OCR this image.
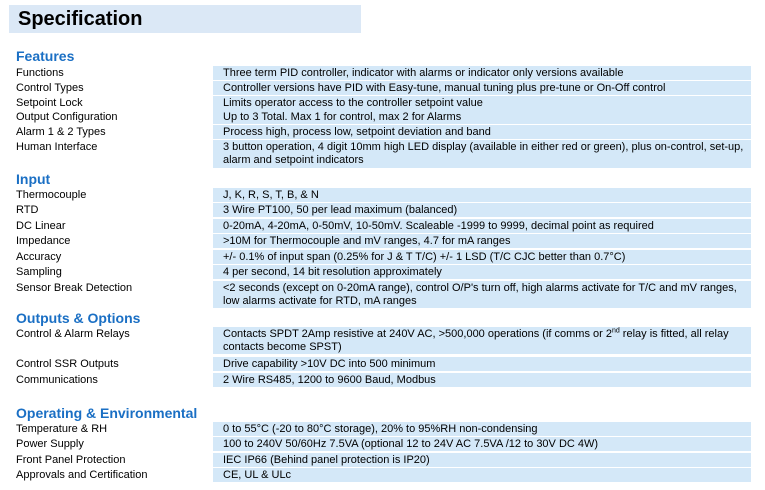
Specification
Features
Functions	Three term PID controller, indicator with alarms or indicator only versions available
Control Types	Controller versions have PID with Easy-tune, manual tuning plus pre-tune or On-Off control
Setpoint Lock	Limits operator access to the controller setpoint value
Output Configuration	Up to 3 Total. Max 1 for control, max 2 for Alarms
Alarm 1 & 2 Types	Process high, process low, setpoint deviation and band
Human Interface	3 button operation, 4 digit 10mm high LED display (available in either red or green), plus on-control, set-up, alarm and setpoint indicators
Input
Thermocouple	J, K, R, S, T, B, & N
RTD	3 Wire PT100, 50 per lead maximum (balanced)
DC Linear	0-20mA, 4-20mA, 0-50mV, 10-50mV. Scaleable -1999 to 9999, decimal point as required
Impedance	>10M for Thermocouple and mV ranges, 4.7 for mA ranges
Accuracy	+/- 0.1% of input span (0.25% for J & T T/C) +/- 1 LSD (T/C CJC better than 0.7°C)
Sampling	4 per second, 14 bit resolution approximately
Sensor Break Detection	<2 seconds (except on 0-20mA range), control O/P's turn off, high alarms activate for T/C and mV ranges, low alarms activate for RTD, mA ranges
Outputs & Options
Control & Alarm Relays	Contacts SPDT 2Amp resistive at 240V AC, >500,000 operations (if comms or 2nd relay is fitted, all relay contacts become SPST)
Control SSR Outputs	Drive capability >10V DC into 500 minimum
Communications	2 Wire RS485, 1200 to 9600 Baud, Modbus
Operating & Environmental
Temperature & RH	0 to 55°C (-20 to 80°C storage), 20% to 95%RH non-condensing
Power Supply	100 to 240V 50/60Hz 7.5VA (optional 12 to 24V AC 7.5VA /12 to 30V DC 4W)
Front Panel Protection	IEC IP66 (Behind panel protection is IP20)
Approvals and Certification	CE, UL & ULc
